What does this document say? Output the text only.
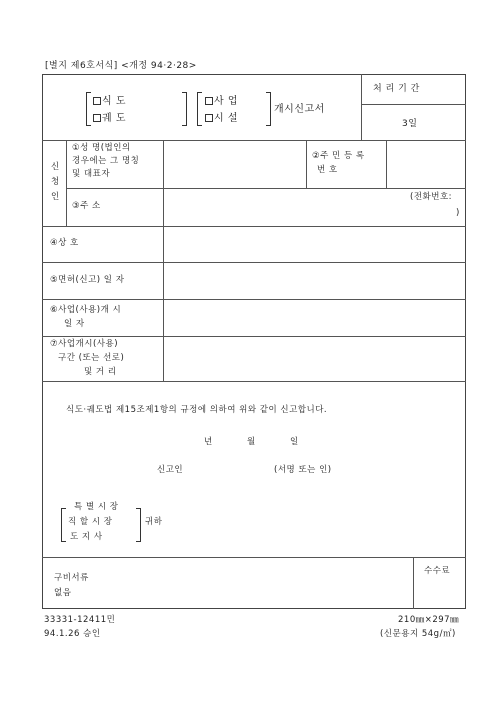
[별지 제6호서식] <개정 94·2·28>
식 도
궤 도
사 업
시 설
개시신고서
처 리 기 간
3일
신
청
인
①성 명(법인의
경우에는 그 명칭
및 대표자
②주 민 등 록
번 호
③주 소
(전화번호:
)
④상 호
⑤면허(신고) 일 자
⑥사업(사용)개 시
일 자
⑦사업개시(사용)
구간 (또는 선로)
및 거 리
식도·궤도법 제15조제1항의 규정에 의하여 위와 같이 신고합니다.
년	월	일
신고인	(서명 또는 인)
특 별 시 장
직 할 시 장
도 지 사
귀하
구비서류
없음
수수료
33331-12411민
94.1.26 승인
210㎜×297㎜
(신문용지 54g/㎡)
